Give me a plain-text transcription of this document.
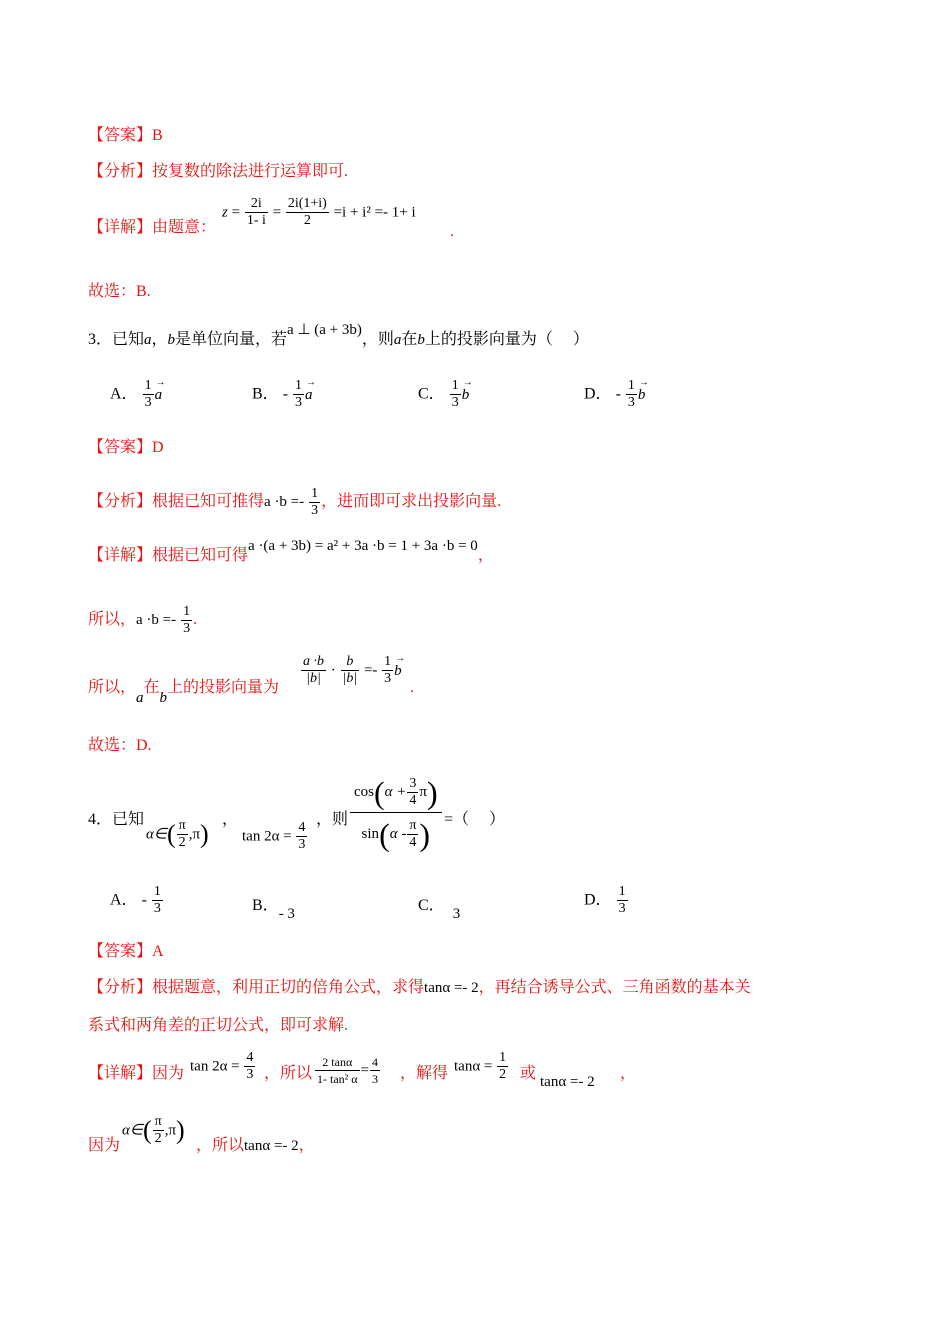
【答案】B
【分析】按复数的除法进行运算即可.
【详解】由题意：
$z = \frac{2i}{1- i} = \frac{2i(1+i)}{2} =i + i^2 =- 1+ i$
.
故选：B.
3．已知a，b是单位向量，若a ⊥ (a + 3b)，则a在b上的投影向量为（　 ）
A． $\frac{1}{3}$
→ a	B． - $\frac{1}{3}$
→ a	C． $\frac{1}{3}$
→ b	D． - $\frac{1}{3}$
→ b
【答案】D
【分析】根据已知可推得$a \cdot b =- \frac{1}{3}$ ，进而即可求出投影向量.
【详解】根据已知可得a ·(a + 3b) = a² + 3a ·b = 1 + 3a ·b = 0，
所以，$a \cdot b =- \frac{1}{3}$ .
所以，a在b上的投影向量为
$\frac{a \cdot b}{|b|} \cdot \frac{b}{|b|} =- \frac{1}{3}$
→ b
.
故选：D.
4．已知
α∈( $\frac{\pi}{2} ,\pi$) ，
$\tan 2\alpha = \frac{4}{3}$
，则 $\frac{\cos(\alpha + \frac{3}{4} \pi)}{\sin(\alpha - \frac{\pi}{4} )}$ =（　 ）
A． - $\frac{1}{3}$	B．- 3	C． 3
D． $\frac{1}{3}$
【答案】A
【分析】根据题意，利用正切的倍角公式，求得tanα =- 2，再结合诱导公式、三角函数的基本关
系式和两角差的正切公式，即可求解.
【详解】因为 $\tan 2\alpha = \frac{4}{3}$ ，所以 $\frac{2 \tan\alpha}{\text{1- tan² α}} = \frac{4}{3}$ ，解得 $\tan\alpha = \frac{1}{2}$ 或 tanα =- 2 ，
因为
α∈( $\frac{\pi}{2} ,\pi$)
，所以tanα =- 2，
